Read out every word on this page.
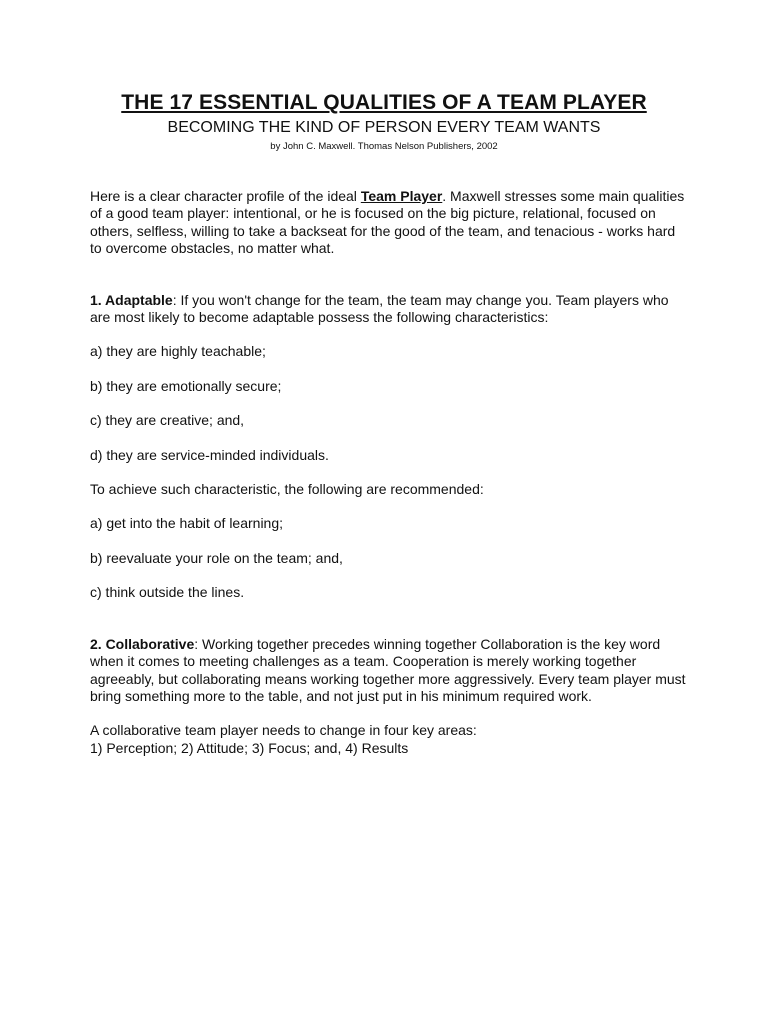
THE 17 ESSENTIAL QUALITIES OF A TEAM PLAYER
BECOMING THE KIND OF PERSON EVERY TEAM WANTS
by John C. Maxwell. Thomas Nelson Publishers, 2002

Here is a clear character profile of the ideal Team Player. Maxwell stresses some main qualities of a good team player: intentional, or he is focused on the big picture, relational, focused on others, selfless, willing to take a backseat for the good of the team, and tenacious - works hard to overcome obstacles, no matter what.

1. Adaptable: If you won't change for the team, the team may change you. Team players who are most likely to become adaptable possess the following characteristics:

a) they are highly teachable;

b) they are emotionally secure;

c) they are creative; and,

d) they are service-minded individuals.

To achieve such characteristic, the following are recommended:

a) get into the habit of learning;

b) reevaluate your role on the team; and,

c) think outside the lines.

2. Collaborative: Working together precedes winning together Collaboration is the key word when it comes to meeting challenges as a team. Cooperation is merely working together agreeably, but collaborating means working together more aggressively. Every team player must bring something more to the table, and not just put in his minimum required work.

A collaborative team player needs to change in four key areas:

1) Perception; 2) Attitude; 3) Focus; and, 4) Results
